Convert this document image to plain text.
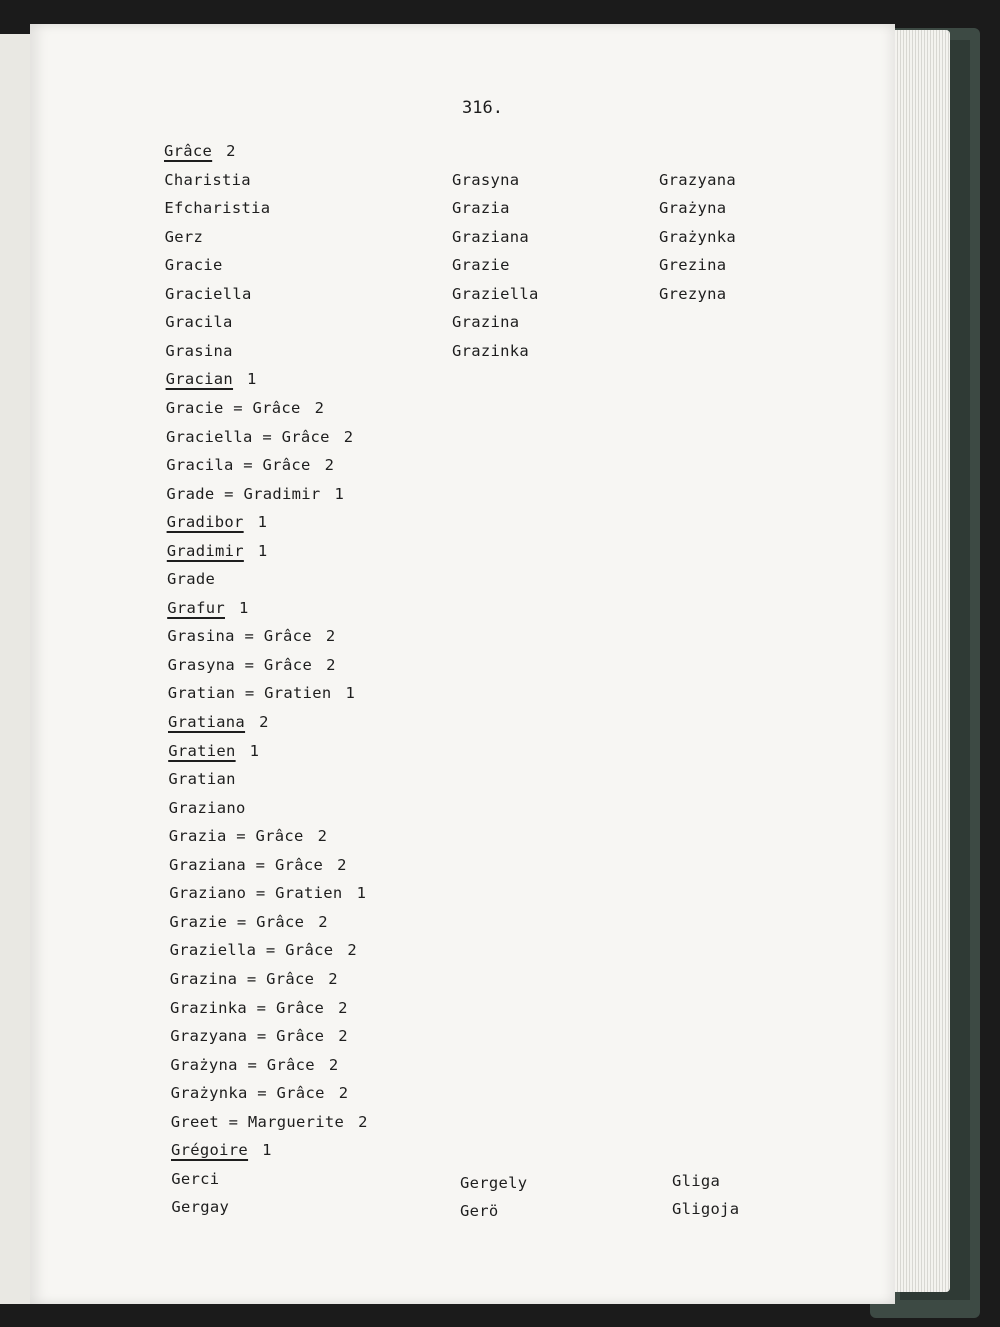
316.
Grâce 2
Charistia
Efcharistia
Gerz
Gracie
Graciella
Gracila
Grasina
Gracian 1
Gracie = Grâce 2
Graciella = Grâce 2
Gracila = Grâce 2
Grade = Gradimir 1
Gradibor 1
Gradimir 1
Grade
Grafur 1
Grasina = Grâce 2
Grasyna = Grâce 2
Gratian = Gratien 1
Gratiana 2
Gratien 1
Gratian
Graziano
Grazia = Grâce 2
Graziana = Grâce 2
Graziano = Gratien 1
Grazie = Grâce 2
Graziella = Grâce 2
Grazina = Grâce 2
Grazinka = Grâce 2
Grazyana = Grâce 2
Grażyna = Grâce 2
Grażynka = Grâce 2
Greet = Marguerite 2
Grégoire 1
Gerci
Gergay
Grasyna
Grazia
Graziana
Grazie
Graziella
Grazina
Grazinka
Grazyana
Grażyna
Grażynka
Grezina
Grezyna
Gergely
Gerö
Gliga
Gligoja
